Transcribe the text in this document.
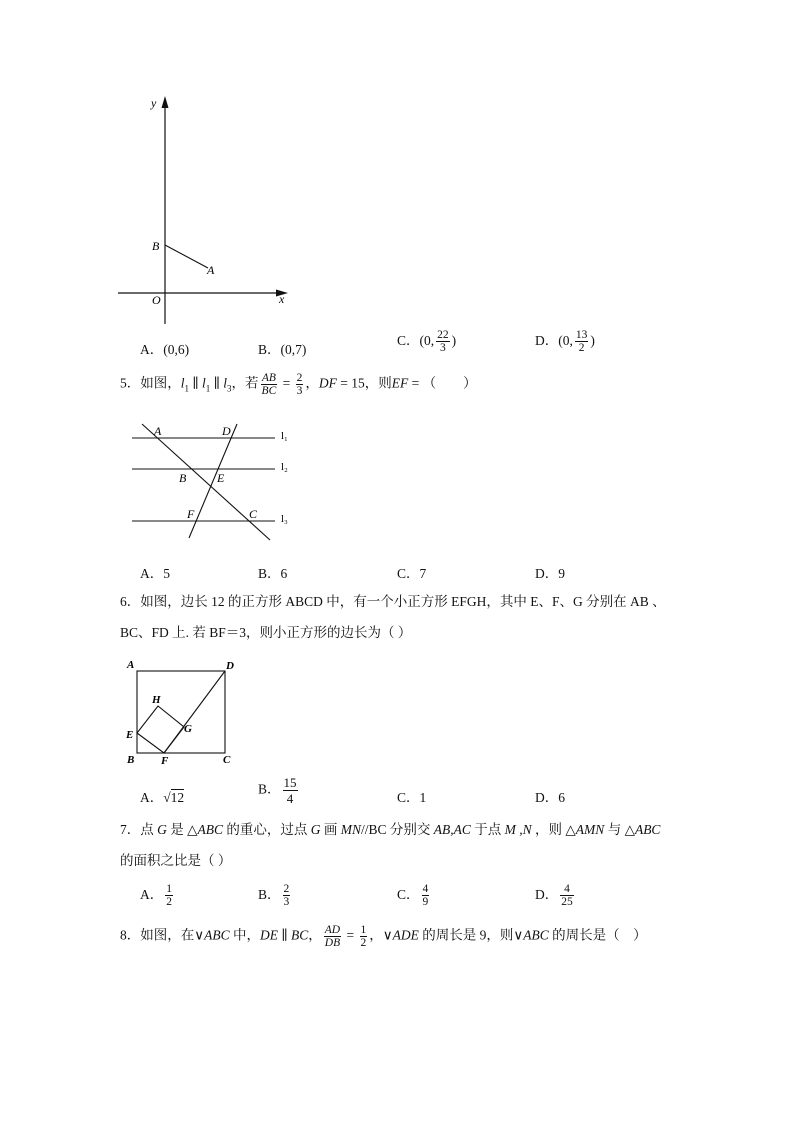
y
x
B
A
O
A．(0,6)	B．(0,7)
C．(0, $\frac{22}{3}$ )	D．(0, $\frac{13}{2}$ )
5．如图，$l_1$ ∥ $l_1$ ∥ $l_3$，若 $\frac{AB}{BC} = \frac{2}{3}$ ，DF = 15，则EF = （　　）
A	D	l₁
l₂
l₃
B	E
F	C
A．5	B．6	C．7	D．9
6．如图，边长 12 的正方形 ABCD 中，有一个小正方形 EFGH，其中 E、F、G 分别在 AB 、
BC、FD 上. 若 BF＝3，则小正方形的边长为（ ）
A	D
H
G
E
B F	C
A．√12
B． $\frac{15}{4}$	C．1	D．6
7．点 G 是 △ABC 的重心，过点 G 画 MN//BC 分别交 AB,AC 于点 M ,N ，则 △AMN 与 △ABC
的面积之比是（ ）
A． $\frac{1}{2}$	B． $\frac{2}{3}$	C． $\frac{4}{9}$	D． $\frac{4}{25}$
8．如图，在∨ABC 中，DE ∥ BC， $\frac{AD}{DB} = \frac{1}{2}$ ，∨ADE 的周长是 9，则∨ABC 的周长是（　）
